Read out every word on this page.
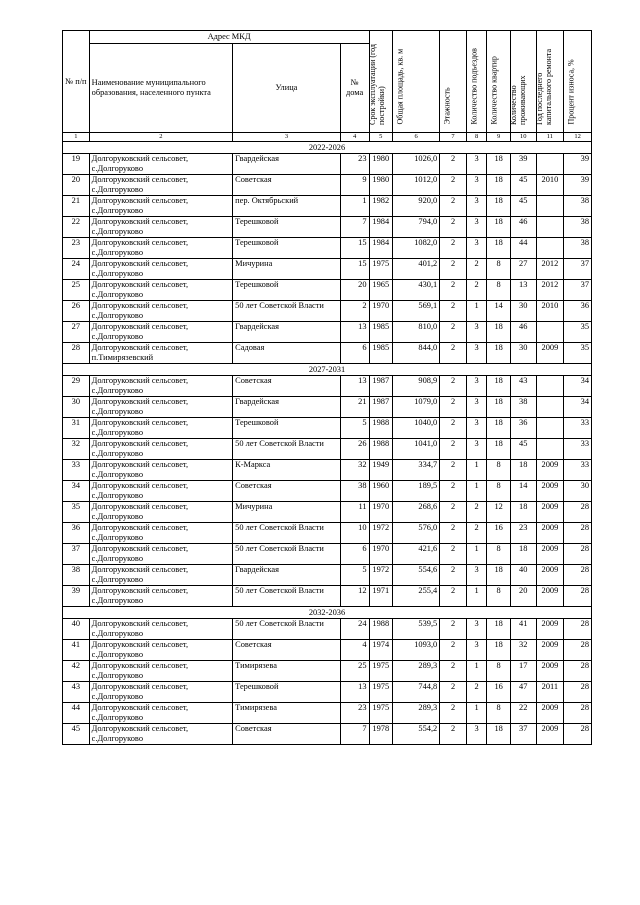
№ п/п	Адрес МКД			Срок эксплуатации (год постройки)	Общая площадь, кв. м	Этажность	Количество подъездов	Количество квартир	Количество проживающих	Год последнего капитального ремонта	Процент износа, %

	Наименование муниципального образования, населенного пункта	Улица	№ дома								
1	2	3	4	5	6	7	8	9	10	11	12
2022-2026											
19	Долгоруковский сельсовет, с.Долгоруково	Гвардейская	23	1980	1026,0	2	3	18	39		39
20	Долгоруковский сельсовет, с.Долгоруково	Советская	9	1980	1012,0	2	3	18	45	2010	39
21	Долгоруковский сельсовет, с.Долгоруково	пер. Октябрьский	1	1982	920,0	2	3	18	45		38
22	Долгоруковский сельсовет, с.Долгоруково	Терешковой	7	1984	794,0	2	3	18	46		38
23	Долгоруковский сельсовет, с.Долгоруково	Терешковой	15	1984	1082,0	2	3	18	44		38
24	Долгоруковский сельсовет, с.Долгоруково	Мичурина	15	1975	401,2	2	2	8	27	2012	37
25	Долгоруковский сельсовет, с.Долгоруково	Терешковой	20	1965	430,1	2	2	8	13	2012	37
26	Долгоруковский сельсовет, с.Долгоруково	50 лет Советской Власти	2	1970	569,1	2	1	14	30	2010	36
27	Долгоруковский сельсовет, с.Долгоруково	Гвардейская	13	1985	810,0	2	3	18	46		35
28	Долгоруковский сельсовет, п.Тимирязевский	Садовая	6	1985	844,0	2	3	18	30	2009	35
2027-2031											
29	Долгоруковский сельсовет, с.Долгоруково	Советская	13	1987	908,9	2	3	18	43		34
30	Долгоруковский сельсовет, с.Долгоруково	Гвардейская	21	1987	1079,0	2	3	18	38		34
31	Долгоруковский сельсовет, с.Долгоруково	Терешковой	5	1988	1040,0	2	3	18	36		33
32	Долгоруковский сельсовет, с.Долгоруково	50 лет Советской Власти	26	1988	1041,0	2	3	18	45		33
33	Долгоруковский сельсовет, с.Долгоруково	К-Маркса	32	1949	334,7	2	1	8	18	2009	33
34	Долгоруковский сельсовет, с.Долгоруково	Советская	38	1960	189,5	2	1	8	14	2009	30
35	Долгоруковский сельсовет, с.Долгоруково	Мичурина	11	1970	268,6	2	2	12	18	2009	28
36	Долгоруковский сельсовет, с.Долгоруково	50 лет Советской Власти	10	1972	576,0	2	2	16	23	2009	28
37	Долгоруковский сельсовет, с.Долгоруково	50 лет Советской Власти	6	1970	421,6	2	1	8	18	2009	28
38	Долгоруковский сельсовет, с.Долгоруково	Гвардейская	5	1972	554,6	2	3	18	40	2009	28
39	Долгоруковский сельсовет, с.Долгоруково	50 лет Советской Власти	12	1971	255,4	2	1	8	20	2009	28
2032-2036											
40	Долгоруковский сельсовет, с.Долгоруково	50 лет Советской Власти	24	1988	539,5	2	3	18	41	2009	28
41	Долгоруковский сельсовет, с.Долгоруково	Советская	4	1974	1093,0	2	3	18	32	2009	28
42	Долгоруковский сельсовет, с.Долгоруково	Тимирязева	25	1975	289,3	2	1	8	17	2009	28
43	Долгоруковский сельсовет, с.Долгоруково	Терешковой	13	1975	744,8	2	2	16	47	2011	28
44	Долгоруковский сельсовет, с.Долгоруково	Тимирязева	23	1975	289,3	2	1	8	22	2009	28
45	Долгоруковский сельсовет, с.Долгоруково	Советская	7	1978	554,2	2	3	18	37	2009	28
